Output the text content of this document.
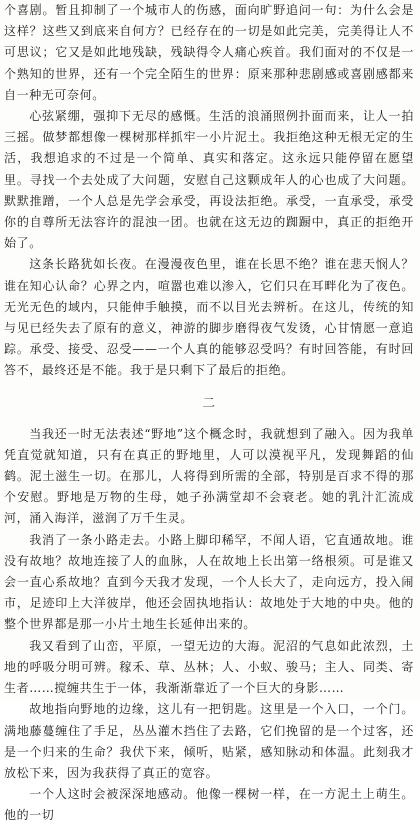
个喜剧。暂且抑制了一个城市人的伤感，面向旷野追问一句：为什么会是这样？这些又到底来自何方？已经存在的一切是如此完美，完美得让人不可思议；它又是如此地残缺，残缺得令人痛心疾首。我们面对的不仅是一个熟知的世界，还有一个完全陌生的世界：原来那种悲剧感或喜剧感都来自一种无可奈何。

心弦紧绷，强抑下无尽的感慨。生活的浪涌照例扑面而来，让人一拍三摇。做梦都想像一棵树那样抓牢一小片泥土。我拒绝这种无根无定的生活，我想追求的不过是一个简单、真实和落定。这永远只能停留在愿望里。寻找一个去处成了大问题，安慰自己这颗成年人的心也成了大问题。默默推蹭，一个人总是先学会承受，再设法拒绝。承受，一直承受，承受你的自尊所无法容许的混浊一团。也就在这无边的踟蹰中，真正的拒绝开始了。

这条长路犹如长夜。在漫漫夜色里，谁在长思不绝？谁在悲天悯人？谁在知心认命？心界之内，喧嚣也难以渗入，它们只在耳畔化为了夜色。无光无色的域内，只能伸手触摸，而不以目光去辨析。在这儿，传统的知与见已经失去了原有的意义，神游的脚步磨得夜气发烫，心甘情愿一意追踪。承受、接受、忍受——一个人真的能够忍受吗？有时回答能，有时回答不，最终还是不能。我于是只剩下了最后的拒绝。

二

当我还一时无法表述“野地”这个概念时，我就想到了融入。因为我单凭直觉就知道，只有在真正的野地里，人可以漠视平凡，发现舞蹈的仙鹤。泥土滋生一切。在那儿，人将得到所需的全部，特别是百求不得的那个安慰。野地是万物的生母，她子孙满堂却不会衰老。她的乳汁汇流成河，涌入海洋，滋润了万千生灵。

我消了一条小路走去。小路上脚印稀罕，不闻人语，它直通故地。谁没有故地？故地连接了人的血脉，人在故地上长出第一络根须。可是谁又会一直心系故地？直到今天我才发现，一个人长大了，走向远方，投入闹市，足迹印上大洋彼岸，他还会固执地指认：故地处于大地的中央。他的整个世界都是那一小片土地生长延伸出来的。

我又看到了山峦，平原，一望无边的大海。泥沼的气息如此浓烈，土地的呼吸分明可辨。稼禾、草、丛林；人、小蚁、骏马；主人、同类、寄生者……搅缠共生于一体，我渐渐靠近了一个巨大的身影……

故地指向野地的边缘，这儿有一把钥匙。这里是一个入口，一个门。满地藤蔓缠住了手足，丛丛灌木挡住了去路，它们挽留的是一个过客，还是一个归来的生命？我伏下来，倾听，贴紧，感知脉动和体温。此刻我才放松下来，因为我获得了真正的宽容。

一个人这时会被深深地感动。他像一棵树一样，在一方泥土上萌生。他的一切
